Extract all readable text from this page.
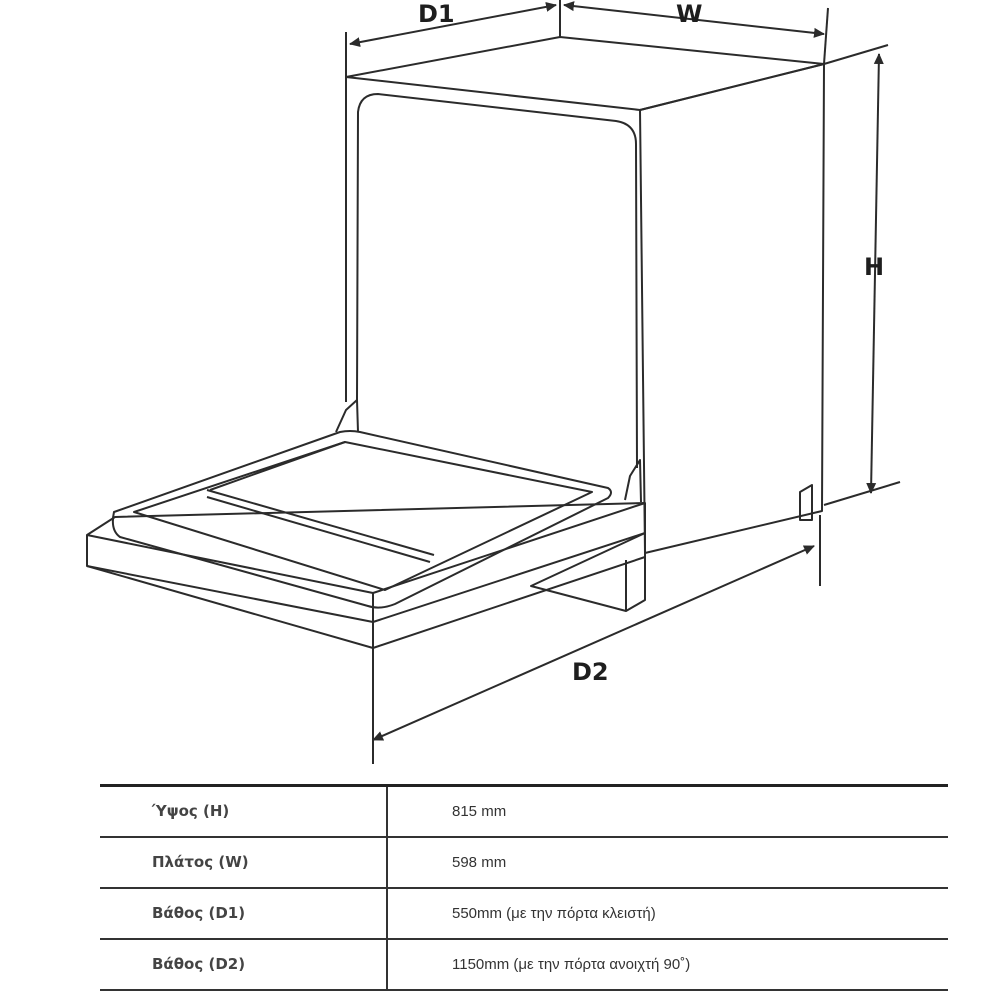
D1	W
H
D2
Ύψος (H)	815 mm
Πλάτος (W)	598 mm
Βάθος (D1)	550mm (με την πόρτα κλειστή)
Βάθος (D2)	1150mm (με την πόρτα ανοιχτή 90˚)
